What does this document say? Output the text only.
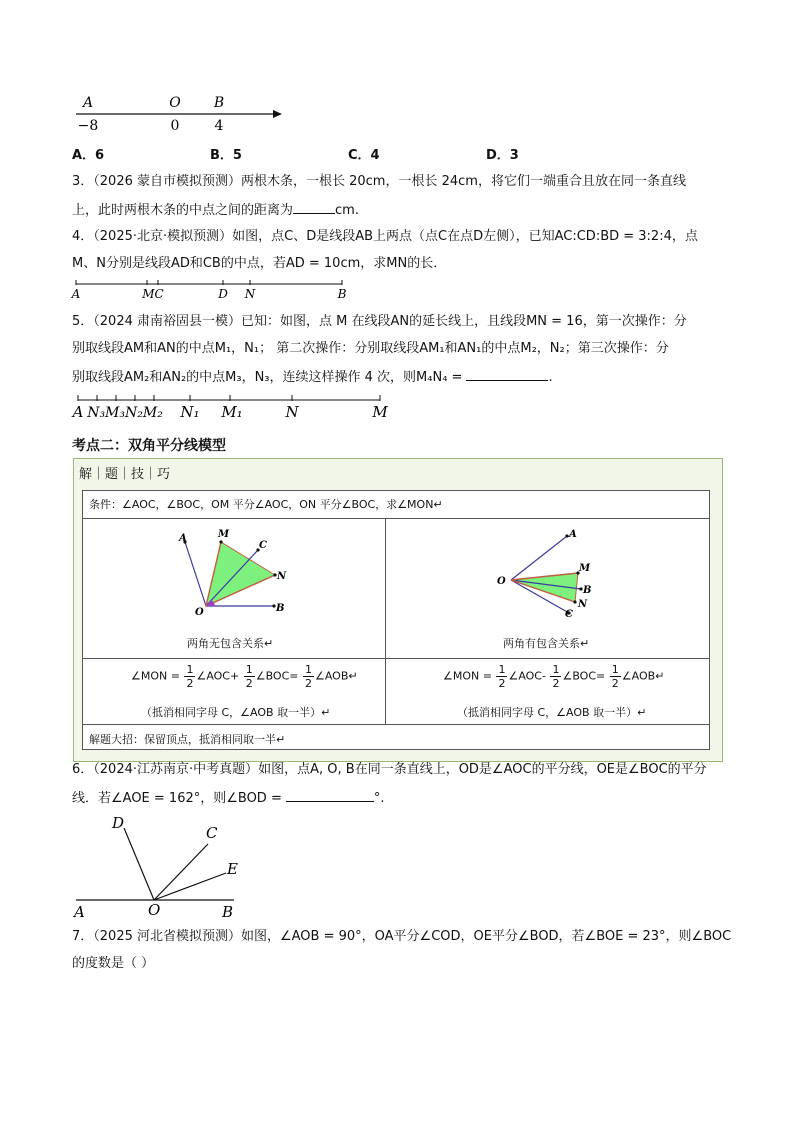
A	O B
−8	0	4
A．6	B．5	C．4	D．3
3．（2026 蒙自市模拟预测）两根木条，一根长 20cm，一根长 24cm，将它们一端重合且放在同一条直线
上，此时两根木条的中点之间的距离为	cm.
4．（2025·北京·模拟预测）如图，点C、D是线段AB上两点（点C在点D左侧），已知AC:CD:BD = 3:2:4，点
M、N分别是线段AD和CB的中点，若AD = 10cm，求MN的长．
A	MC	D N	B
5．（2024 肃南裕固县一模）已知：如图，点 M 在线段AN的延长线上，且线段MN = 16，第一次操作：分
别取线段AM和AN的中点M₁，N₁； 第二次操作：分别取线段AM₁和AN₁的中点M₂，N₂；第三次操作：分
别取线段AM₂和AN₂的中点M₃，N₃，连续这样操作 4 次，则M₄N₄ =	.
A N₃M₃N₂M₂ N₁ M₁	N	M
考点二：双角平分线模型
解｜题｜技｜巧
条件：∠AOC，∠BOC，OM 平分∠AOC，ON 平分∠BOC，求∠MON↵
A	M
C
N
O	B
两角无包含关系↵
A
M
O
B
N
C
两角有包含关系↵
∠MON = $\frac{1}{2}$ ∠AOC+ $\frac{1}{2}$ ∠BOC= $\frac{1}{2}$ ∠AOB↵	∠MON = $\frac{1}{2}$ ∠AOC- $\frac{1}{2}$ ∠BOC= $\frac{1}{2}$ ∠AOB↵
（抵消相同字母 C，∠AOB 取一半）↵	（抵消相同字母 C，∠AOB 取一半）↵
解题大招：保留顶点，抵消相同取一半↵
6．（2024·江苏南京·中考真题）如图，点A, O, B在同一条直线上，OD是∠AOC的平分线，OE是∠BOC的平分
线．若∠AOE = 162°，则∠BOD =	°.
D
C
E
A	O	B
7．（2025 河北省模拟预测）如图，∠AOB = 90°，OA平分∠COD，OE平分∠BOD，若∠BOE = 23°，则∠BOC
的度数是（ ）
